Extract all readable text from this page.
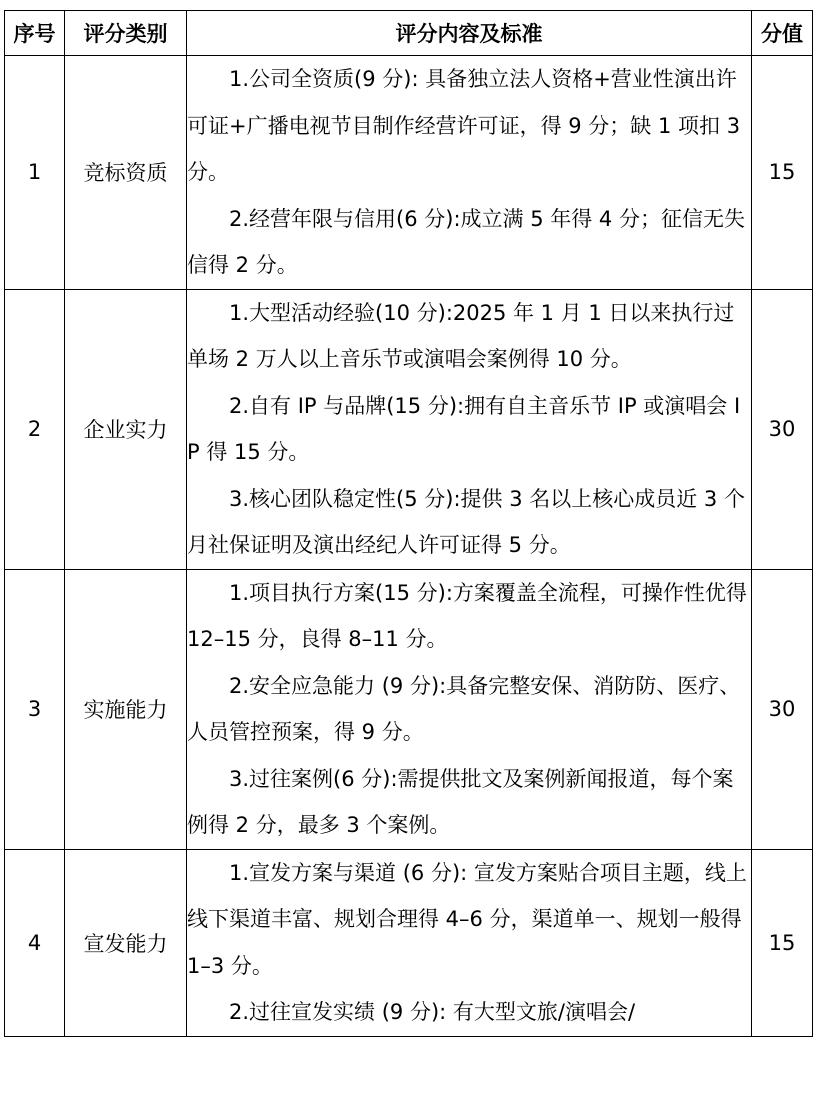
序号	评分类别	评分内容及标准	分值
1	竞标资质	1.公司全资质(9 分): 具备独立法人资格+营业性演出许可证+广播电视节目制作经营许可证，得 9 分；缺 1 项扣 3 分。

2.经营年限与信用(6 分):成立满 5 年得 4 分；征信无失信得 2 分。	15
2	企业实力	1.大型活动经验(10 分):2025 年 1 月 1 日以来执行过单场 2 万人以上音乐节或演唱会案例得 10 分。

2.自有 IP 与品牌(15 分):拥有自主音乐节 IP 或演唱会 IP 得 15 分。

3.核心团队稳定性(5 分):提供 3 名以上核心成员近 3 个月社保证明及演出经纪人许可证得 5 分。	30
3	实施能力	1.项目执行方案(15 分):方案覆盖全流程，可操作性优得 12–15 分，良得 8–11 分。

2.安全应急能力 (9 分):具备完整安保、消防防、医疗、人员管控预案，得 9 分。

3.过往案例(6 分):需提供批文及案例新闻报道，每个案例得 2 分，最多 3 个案例。	30
4	宣发能力	1.宣发方案与渠道 (6 分): 宣发方案贴合项目主题，线上线下渠道丰富、规划合理得 4–6 分，渠道单一、规划一般得 1–3 分。

2.过往宣发实绩 (9 分): 有大型文旅/演唱会/	15
